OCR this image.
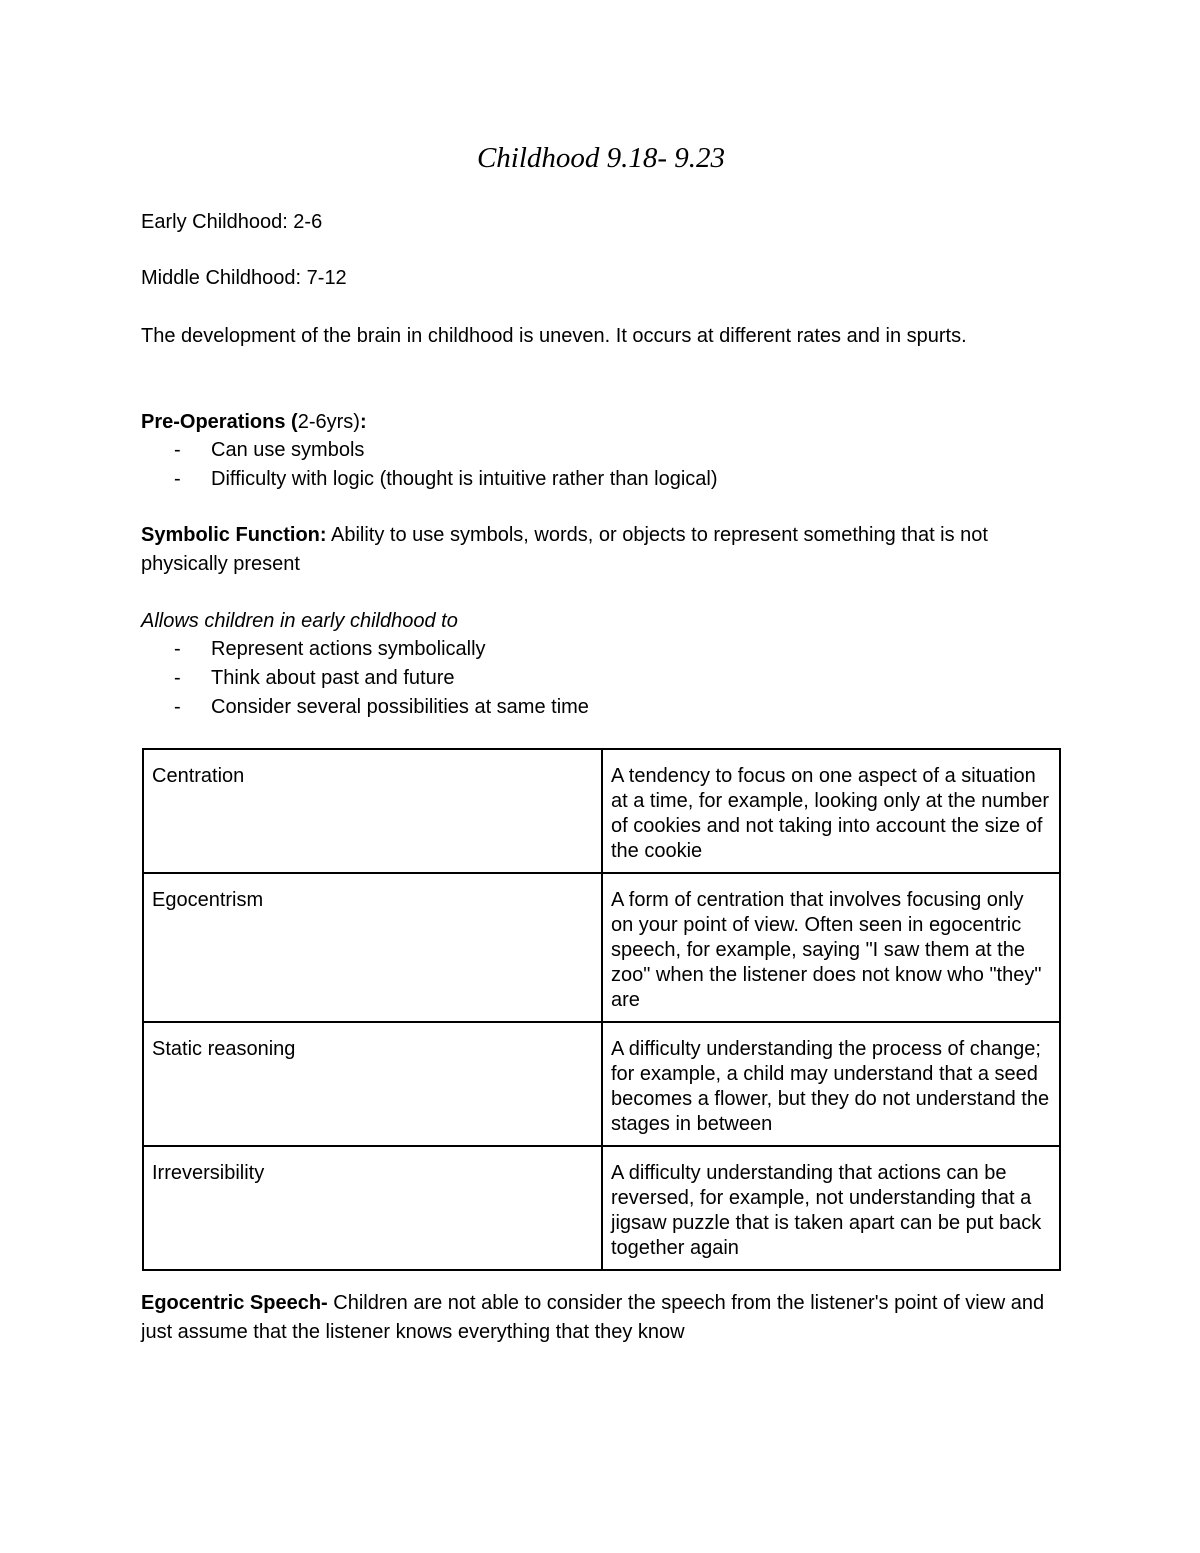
Childhood 9.18- 9.23
Early Childhood: 2-6
Middle Childhood: 7-12
The development of the brain in childhood is uneven. It occurs at different rates and in spurts.
Pre-Operations (2-6yrs):
- Can use symbols
- Difficulty with logic (thought is intuitive rather than logical)
Symbolic Function: Ability to use symbols, words, or objects to represent something that is not physically present
Allows children in early childhood to
- Represent actions symbolically
- Think about past and future
- Consider several possibilities at same time
Centration	A tendency to focus on one aspect of a situation at a time, for example, looking only at the number of cookies and not taking into account the size of the cookie
Egocentrism	A form of centration that involves focusing only on your point of view. Often seen in egocentric speech, for example, saying "I saw them at the zoo" when the listener does not know who "they" are
Static reasoning	A difficulty understanding the process of change; for example, a child may understand that a seed becomes a flower, but they do not understand the stages in between
Irreversibility	A difficulty understanding that actions can be reversed, for example, not understanding that a jigsaw puzzle that is taken apart can be put back together again
Egocentric Speech- Children are not able to consider the speech from the listener's point of view and just assume that the listener knows everything that they know
